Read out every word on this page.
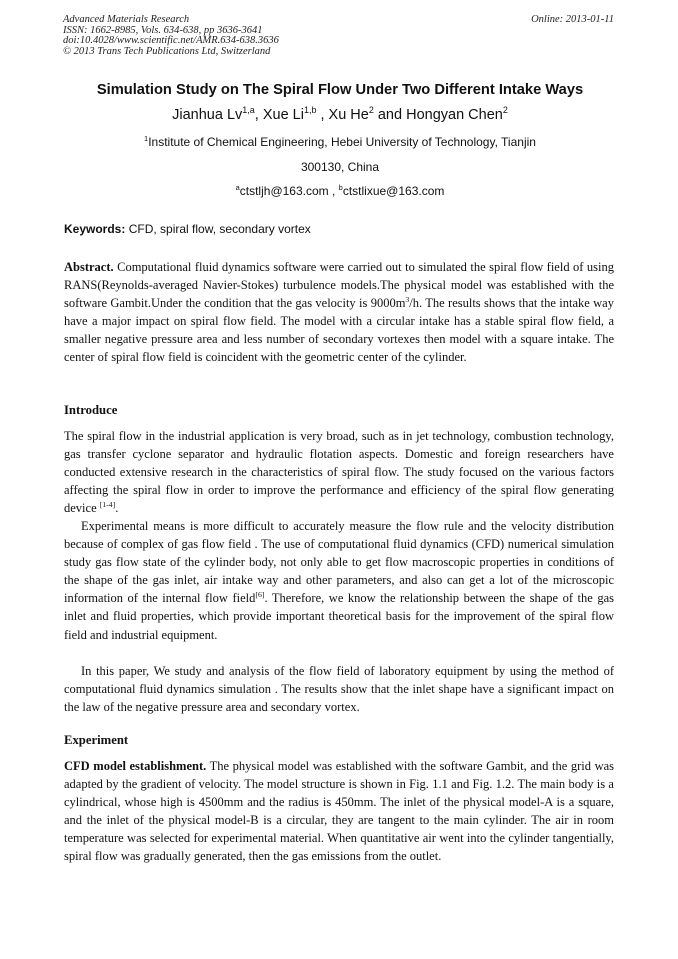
Advanced Materials Research
ISSN: 1662-8985, Vols. 634-638, pp 3636-3641
doi:10.4028/www.scientific.net/AMR.634-638.3636
© 2013 Trans Tech Publications Ltd, Switzerland
Online: 2013-01-11
Simulation Study on The Spiral Flow Under Two Different Intake Ways
Jianhua Lv$^{1,a}$, Xue Li$^{1,b}$ , Xu He$^2$ and Hongyan Chen$^2$
$^1$Institute of Chemical Engineering, Hebei University of Technology, Tianjin
300130, China
$^a$ctstljh@163.com , $^b$ctstlixue@163.com
Keywords: CFD, spiral flow, secondary vortex

Abstract. Computational fluid dynamics software were carried out to simulated the spiral flow field of using RANS(Reynolds-averaged Navier-Stokes) turbulence models.The physical model was established with the software Gambit.Under the condition that the gas velocity is $9000m^3/h$. The results shows that the intake way have a major impact on spiral flow field. The model with a circular intake has a stable spiral flow field, a smaller negative pressure area and less number of secondary vortexes then model with a square intake. The center of spiral flow field is coincident with the geometric center of the cylinder.

Introduce

The spiral flow in the industrial application is very broad, such as in jet technology, combustion technology, gas transfer cyclone separator and hydraulic flotation aspects. Domestic and foreign researchers have conducted extensive research in the characteristics of spiral flow. The study focused on the various factors affecting the spiral flow in order to improve the performance and efficiency of the spiral flow generating device [1-4].

Experimental means is more difficult to accurately measure the flow rule and the velocity distribution because of complex of gas flow field . The use of computational fluid dynamics (CFD) numerical simulation study gas flow state of the cylinder body, not only able to get flow macroscopic properties in conditions of the shape of the gas inlet, air intake way and other parameters, and also can get a lot of the microscopic information of the internal flow field[6]. Therefore, we know the relationship between the shape of the gas inlet and fluid properties, which provide important theoretical basis for the improvement of the spiral flow field and industrial equipment.

In this paper, We study and analysis of the flow field of laboratory equipment by using the method of computational fluid dynamics simulation . The results show that the inlet shape have a significant impact on the law of the negative pressure area and secondary vortex.

Experiment

CFD model establishment. The physical model was established with the software Gambit, and the grid was adapted by the gradient of velocity. The model structure is shown in Fig. 1.1 and Fig. 1.2. The main body is a cylindrical, whose high is 4500mm and the radius is 450mm. The inlet of the physical model-A is a square, and the inlet of the physical model-B is a circular, they are tangent to the main cylinder. The air in room temperature was selected for experimental material. When quantitative air went into the cylinder tangentially, spiral flow was gradually generated, then the gas emissions from the outlet.
